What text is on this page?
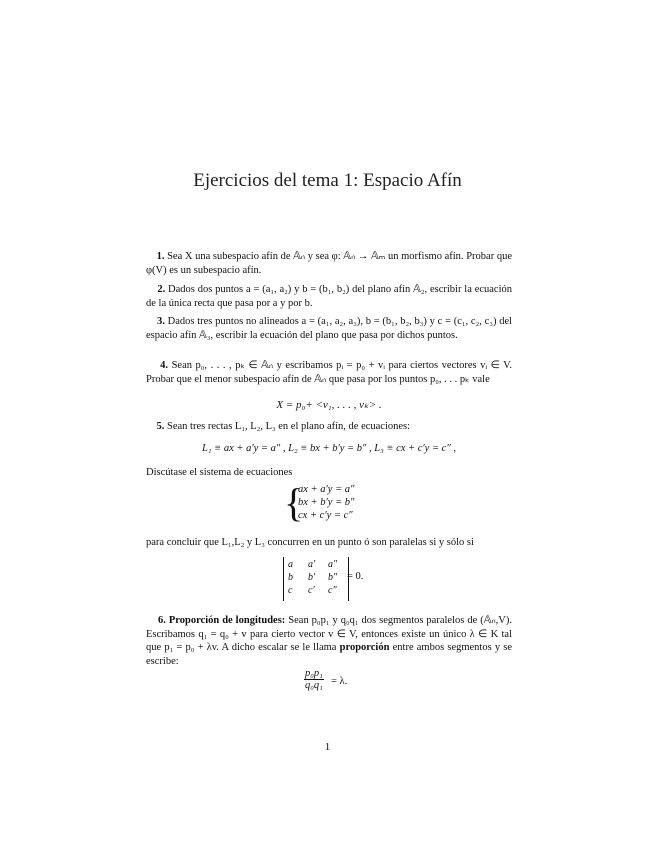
Ejercicios del tema 1: Espacio Afín
1. Sea X una subespacio afín de 𝔸ₙ y sea φ: 𝔸ₙ → 𝔸ₘ un morfismo afín. Probar que φ(V) es un subespacio afín.
2. Dados dos puntos a = (a₁, a₂) y b = (b₁, b₂) del plano afín 𝔸₂, escribir la ecuación de la única recta que pasa por a y por b.
3. Dados tres puntos no alineados a = (a₁, a₂, a₃), b = (b₁, b₂, b₃) y c = (c₁, c₂, c₃) del espacio afín 𝔸₃, escribir la ecuación del plano que pasa por dichos puntos.
4. Sean p₀, . . . , pₖ ∈ 𝔸ₙ y escribamos pᵢ = p₀ + vᵢ para ciertos vectores vᵢ ∈ V. Probar que el menor subespacio afín de 𝔸ₙ que pasa por los puntos p₀, . . . pₖ vale
X = p₀+ <v₁, . . . , vₖ> .
5. Sean tres rectas L₁, L₂, L₃ en el plano afín, de ecuaciones:
L₁ ≡ ax + a′y = a″ , L₂ ≡ bx + b′y = b″ , L₃ ≡ cx + c′y = c″ ,
Discútase el sistema de ecuaciones
{
ax + a′y = a″
bx + b′y = b″
cx + c′y = c″
para concluir que L₁,L₂ y L₃ concurren en un punto ó son paralelas si y sólo si
a	a′	a″
b	b′	b″
c	c′	c″
= 0.
6. Proporción de longitudes: Sean p₀p₁ y q₀q₁ dos segmentos paralelos de (𝔸ₙ,V). Escribamos q₁ = q₀ + v para cierto vector v ∈ V, entonces existe un único λ ∈ K tal que p₁ = p₀ + λv. A dicho escalar se le llama proporción entre ambos segmentos y se escribe:
$\frac{\text{p₀p₁}}{\text{q₀q₁}} = \lambda$.
1
